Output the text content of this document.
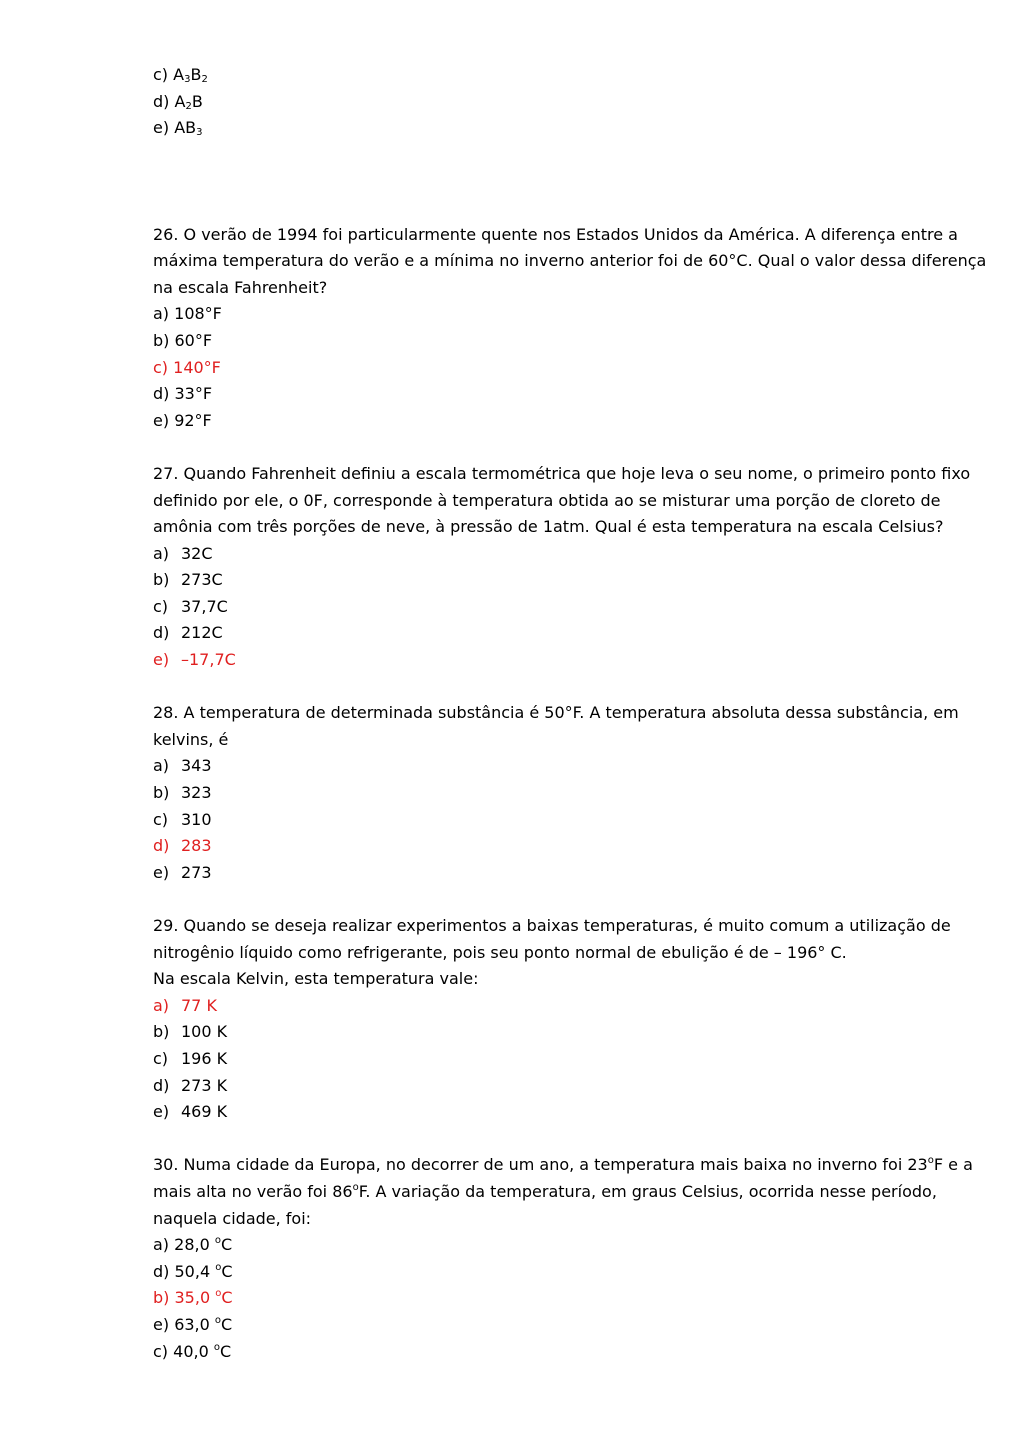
c) $A_3B_2$
d) $A_2B$
e) $AB_3$
26. O verão de 1994 foi particularmente quente nos Estados Unidos da América. A diferença entre a
máxima temperatura do verão e a mínima no inverno anterior foi de 60°C. Qual o valor dessa diferença
na escala Fahrenheit?
a) 108°F
b) 60°F
c) 140°F
d) 33°F
e) 92°F
27. Quando Fahrenheit definiu a escala termométrica que hoje leva o seu nome, o primeiro ponto fixo
definido por ele, o 0F, corresponde à temperatura obtida ao se misturar uma porção de cloreto de
amônia com três porções de neve, à pressão de 1atm. Qual é esta temperatura na escala Celsius?
a) 32C
b) 273C
c) 37,7C
d) 212C
e) –17,7C
28. A temperatura de determinada substância é 50°F. A temperatura absoluta dessa substância, em
kelvins, é
a) 343
b) 323
c) 310
d) 283
e) 273
29. Quando se deseja realizar experimentos a baixas temperaturas, é muito comum a utilização de
nitrogênio líquido como refrigerante, pois seu ponto normal de ebulição é de – 196° C.
Na escala Kelvin, esta temperatura vale:
a) 77 K
b) 100 K
c) 196 K
d) 273 K
e) 469 K
30. Numa cidade da Europa, no decorrer de um ano, a temperatura mais baixa no inverno foi 23$^o$F e a
mais alta no verão foi 86$^o$F. A variação da temperatura, em graus Celsius, ocorrida nesse período,
naquela cidade, foi:
a) 28,0 $^o$C
d) 50,4 $^o$C
b) 35,0 $^o$C
e) 63,0 $^o$C
c) 40,0 $^o$C
